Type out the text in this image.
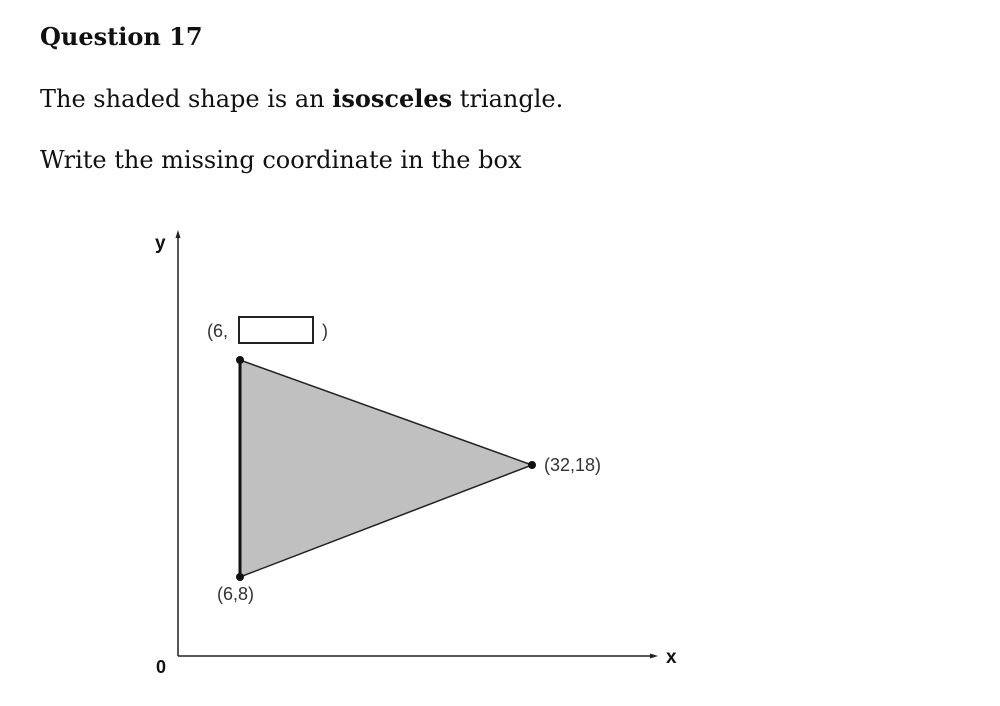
Question 17

The shaded shape is an isosceles triangle.

Write the missing coordinate in the box

y
x
0
(6,	)
(32,18)
(6,8)
